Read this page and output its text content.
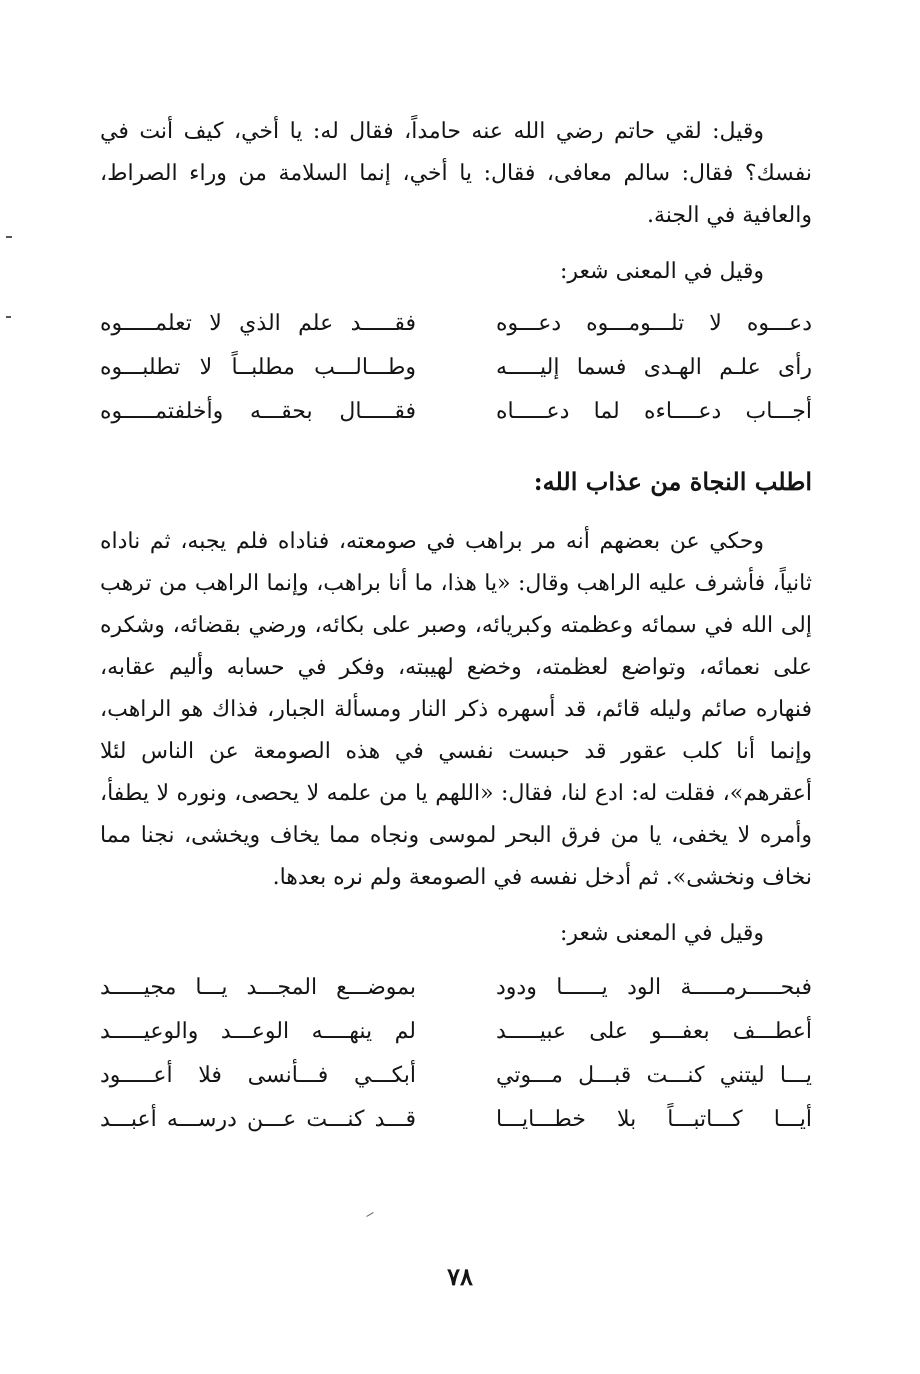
وقيل: لقي حاتم رضي الله عنه حامداً، فقال له: يا أخي، كيف أنت في نفسك؟ فقال: سالم معافى، فقال: يا أخي، إنما السلامة من وراء الصراط، والعافية في الجنة.

وقيل في المعنى شعر:

دعـــوه لا تلـــومـــوه دعـــوه
فقـــــد علم الذي لا تعلمـــــوه
رأى علـم الهـدى فسما إليـــــه
وطـــالـــب مطلبــاً لا تطلبـــوه
أجـــاب دعــــاءه لما دعـــــاه
فقـــــال بحقـــه وأخلفتمـــــوه

اطلب النجاة من عذاب الله:

وحكي عن بعضهم أنه مر براهب في صومعته، فناداه فلم يجبه، ثم ناداه ثانياً، فأشرف عليه الراهب وقال: «يا هذا، ما أنا براهب، وإنما الراهب من ترهب إلى الله في سمائه وعظمته وكبريائه، وصبر على بكائه، ورضي بقضائه، وشكره على نعمائه، وتواضع لعظمته، وخضع لهيبته، وفكر في حسابه وأليم عقابه، فنهاره صائم وليله قائم، قد أسهره ذكر النار ومسألة الجبار، فذاك هو الراهب، وإنما أنا كلب عقور قد حبست نفسي في هذه الصومعة عن الناس لئلا أعقرهم»، فقلت له: ادع لنا، فقال: «اللهم يا من علمه لا يحصى، ونوره لا يطفأ، وأمره لا يخفى، يا من فرق البحر لموسى ونجاه مما يخاف ويخشى، نجنا مما نخاف ونخشى». ثم أدخل نفسه في الصومعة ولم نره بعدها.

وقيل في المعنى شعر:

فبحـــــرمـــــة الود يــــــا ودود
بموضـــع المجـــد يـــا مجيـــــد
أعطـــف بعفـــو على عبيـــــد
لم ينهــــه الوعـــد والوعيـــــد
يـــا ليتني كنـــت قبـــل مـــوتي
أبكـــي فـــأنسى فلا أعـــــود
أيـــا كـــاتبـــاً بلا خطـــايـــا
قـــد كنـــت عـــن درســـه أعبـــد
٧٨
